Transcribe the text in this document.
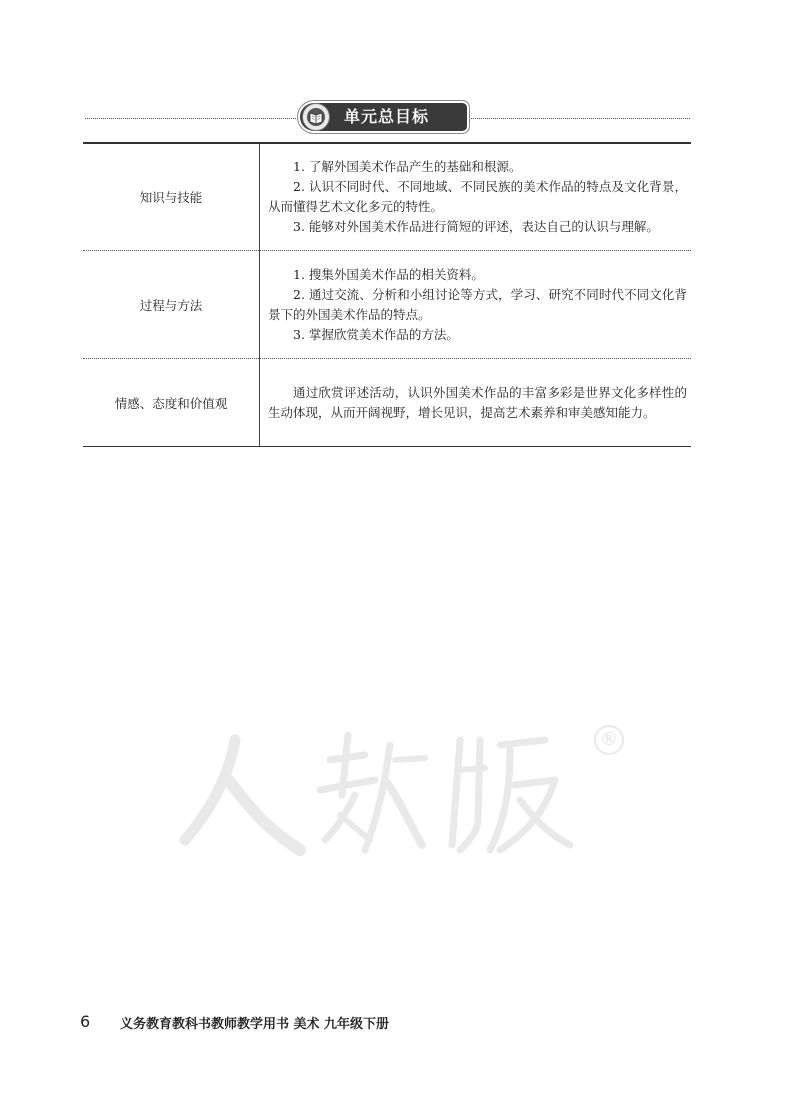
单元总目标
知识与技能	1. 了解外国美术作品产生的基础和根源。

2. 认识不同时代、不同地域、不同民族的美术作品的特点及文化背景，从而懂得艺术文化多元的特性。

3. 能够对外国美术作品进行简短的评述，表达自己的认识与理解。

过程与方法	1. 搜集外国美术作品的相关资料。

2. 通过交流、分析和小组讨论等方式，学习、研究不同时代不同文化背景下的外国美术作品的特点。

3. 掌握欣赏美术作品的方法。

情感、态度和价值观	通过欣赏评述活动，认识外国美术作品的丰富多彩是世界文化多样性的生动体现，从而开阔视野，增长见识，提高艺术素养和审美感知能力。

®
6 义务教育教科书教师教学用书 美术 九年级下册
